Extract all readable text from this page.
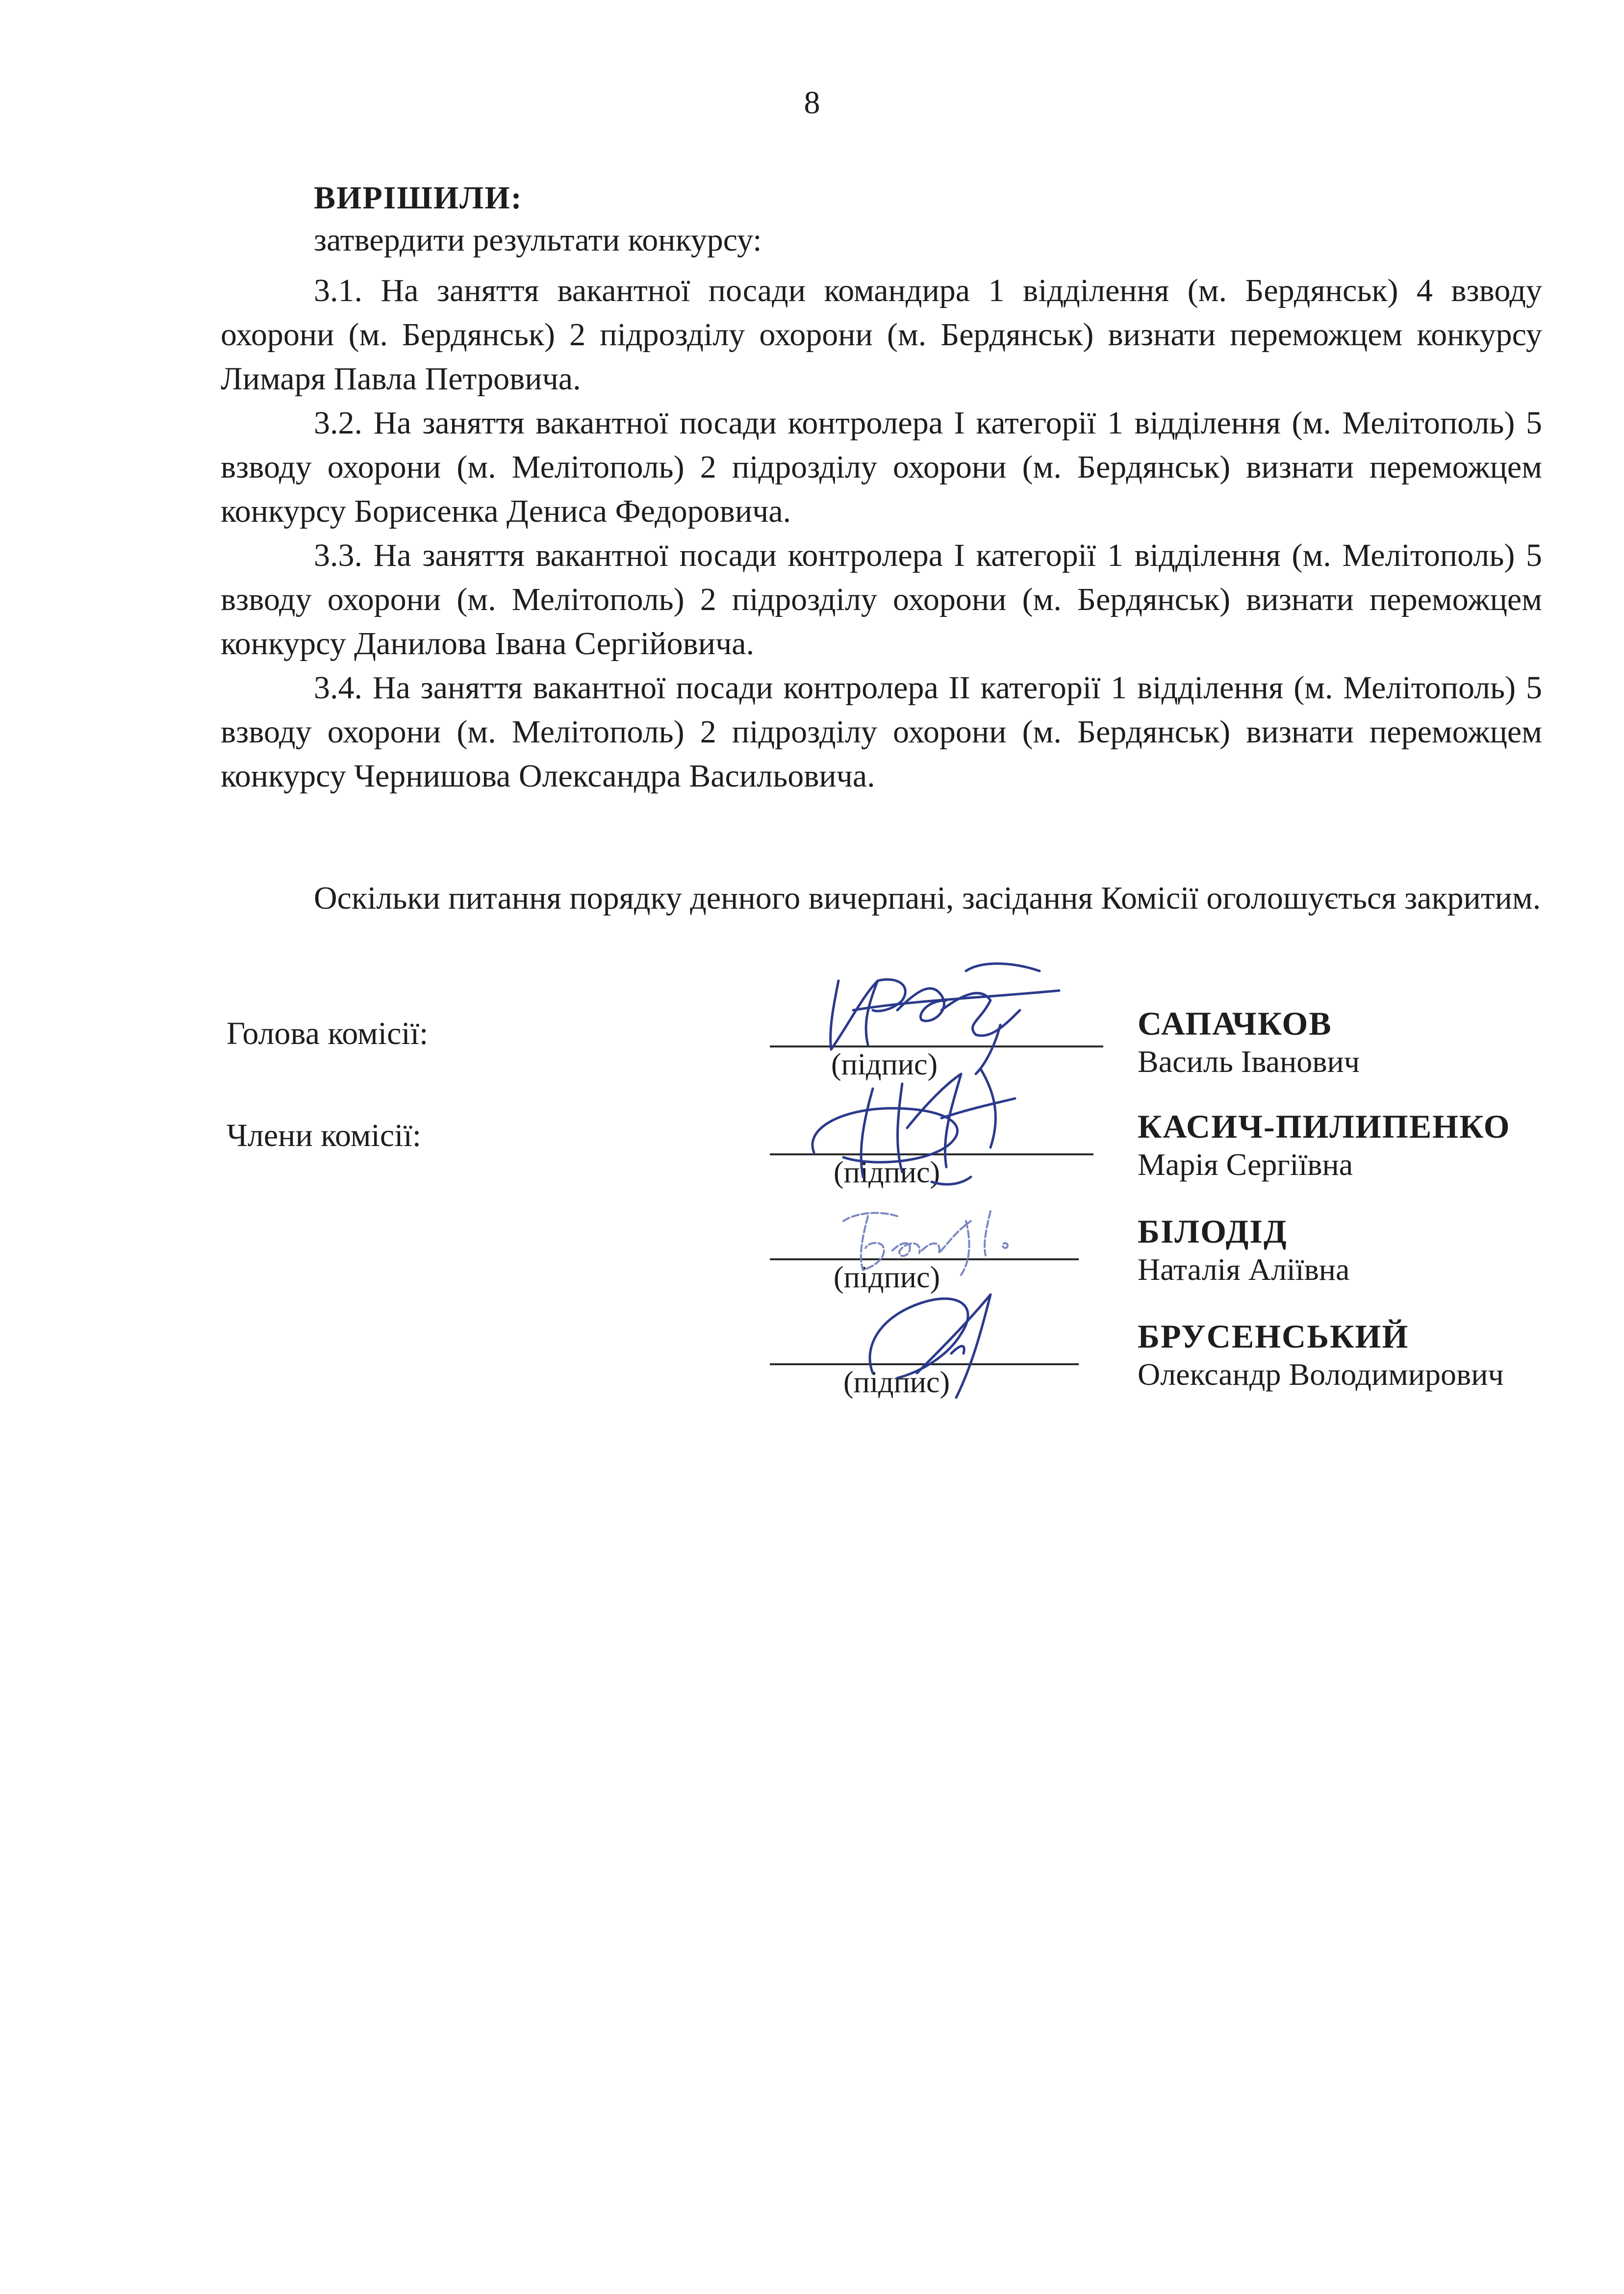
8
ВИРІШИЛИ:
затвердити результати конкурсу:

3.1. На заняття вакантної посади командира 1 відділення (м. Бердянськ) 4 взводу охорони (м. Бердянськ) 2 підрозділу охорони (м. Бердянськ) визнати переможцем конкурсу Лимаря Павла Петровича.

3.2. На заняття вакантної посади контролера I категорії 1 відділення (м. Мелітополь) 5 взводу охорони (м. Мелітополь) 2 підрозділу охорони (м. Бердянськ) визнати переможцем конкурсу Борисенка Дениса Федоровича.

3.3. На заняття вакантної посади контролера I категорії 1 відділення (м. Мелітополь) 5 взводу охорони (м. Мелітополь) 2 підрозділу охорони (м. Бердянськ) визнати переможцем конкурсу Данилова Івана Сергійовича.

3.4. На заняття вакантної посади контролера II категорії 1 відділення (м. Мелітополь) 5 взводу охорони (м. Мелітополь) 2 підрозділу охорони (м. Бердянськ) визнати переможцем конкурсу Чернишова Олександра Васильовича.

Оскільки питання порядку денного вичерпані, засідання Комісії оголошується закритим.

Голова комісії:
(підпис)
САПАЧКОВ
Василь Іванович
Члени комісії:
(підпис)
КАСИЧ-ПИЛИПЕНКО
Марія Сергіївна
(підпис)
БІЛОДІД
Наталія Аліївна
(підпис)
БРУСЕНСЬКИЙ
Олександр Володимирович
